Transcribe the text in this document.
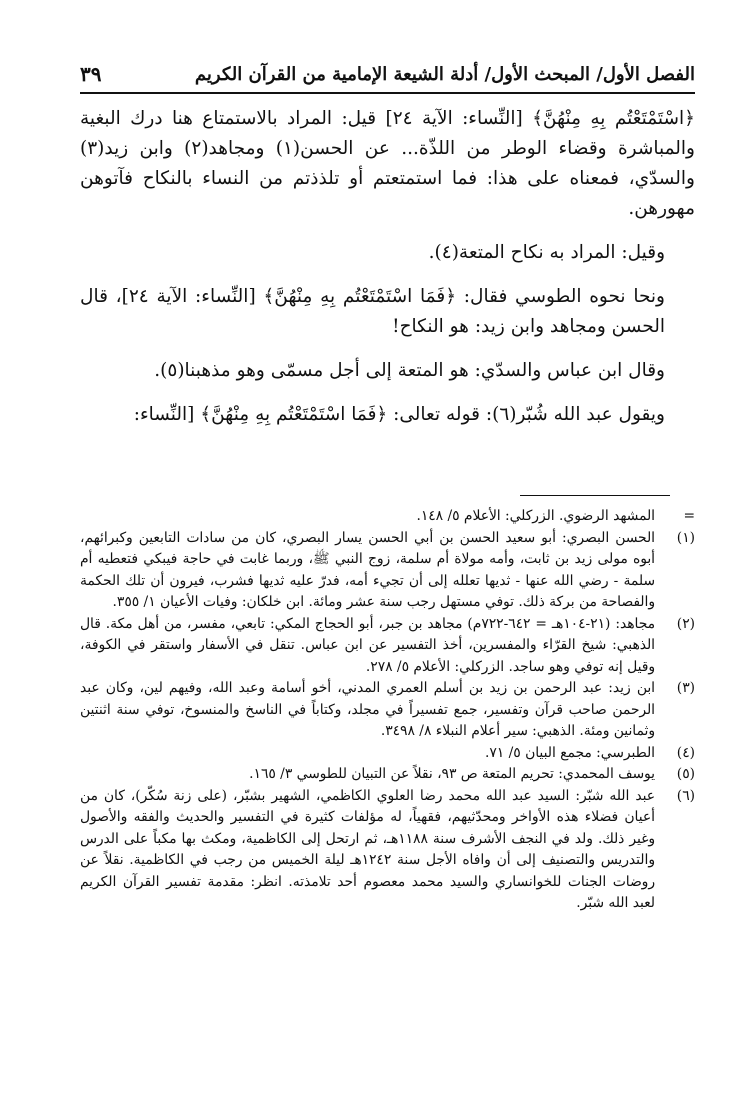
الفصل الأول/ المبحث الأول/ أدلة الشيعة الإمامية من القرآن الكريم
٣٩

﴿اسْتَمْتَعْتُم بِهِ مِنْهُنَّ﴾ [النِّساء: الآية ٢٤] قيل: المراد بالاستمتاع هنا درك البغية والمباشرة وقضاء الوطر من اللذّة... عن الحسن(١) ومجاهد(٢) وابن زيد(٣) والسدّي، فمعناه على هذا: فما استمتعتم أو تلذذتم من النساء بالنكاح فآتوهن مهورهن.

وقيل: المراد به نكاح المتعة(٤).

ونحا نحوه الطوسي فقال: ﴿فَمَا اسْتَمْتَعْتُم بِهِ مِنْهُنَّ﴾ [النِّساء: الآية ٢٤]، قال الحسن ومجاهد وابن زيد: هو النكاح!

وقال ابن عباس والسدّي: هو المتعة إلى أجل مسمّى وهو مذهبنا(٥).

ويقول عبد الله شُبّر(٦): قوله تعالى: ﴿فَمَا اسْتَمْتَعْتُم بِهِ مِنْهُنَّ﴾ [النِّساء:

=
المشهد الرضوي. الزركلي: الأعلام ٥/ ١٤٨.
(١)
الحسن البصري: أبو سعيد الحسن بن أبي الحسن يسار البصري، كان من سادات التابعين وكبرائهم، أبوه مولى زيد بن ثابت، وأمه مولاة أم سلمة، زوج النبي ﷺ، وربما غابت في حاجة فيبكي فتعطيه أم سلمة - رضي الله عنها - ثديها تعلله إلى أن تجيء أمه، فدرّ عليه ثديها فشرب، فيرون أن تلك الحكمة والفصاحة من بركة ذلك. توفي مستهل رجب سنة عشر ومائة. ابن خلكان: وفيات الأعيان ١/ ٣٥٥.
(٢)
مجاهد: (٢١-١٠٤هـ = ٦٤٢-٧٢٢م) مجاهد بن جبر، أبو الحجاج المكي: تابعي، مفسر، من أهل مكة. قال الذهبي: شيخ القرّاء والمفسرين، أخذ التفسير عن ابن عباس. تنقل في الأسفار واستقر في الكوفة، وقيل إنه توفي وهو ساجد. الزركلي: الأعلام ٥/ ٢٧٨.
(٣)
ابن زيد: عبد الرحمن بن زيد بن أسلم العمري المدني، أخو أسامة وعبد الله، وفيهم لين، وكان عبد الرحمن صاحب قرآن وتفسير، جمع تفسيراً في مجلد، وكتاباً في الناسخ والمنسوخ، توفي سنة اثنتين وثمانين ومئة. الذهبي: سير أعلام النبلاء ٨/ ٣٤٩٨.
(٤)
الطبرسي: مجمع البيان ٥/ ٧١.
(٥)
يوسف المحمدي: تحريم المتعة ص ٩٣، نقلاً عن التبيان للطوسي ٣/ ١٦٥.
(٦)
عبد الله شبّر: السيد عبد الله محمد رضا العلوي الكاظمي، الشهير بشبّر، (على زنة سُكّر)، كان من أعيان فضلاء هذه الأواخر ومحدّثيهم، فقهياً، له مؤلفات كثيرة في التفسير والحديث والفقه والأصول وغير ذلك. ولد في النجف الأشرف سنة ١١٨٨هـ، ثم ارتحل إلى الكاظمية، ومكث بها مكباً على الدرس والتدريس والتصنيف إلى أن وافاه الأجل سنة ١٢٤٢هـ ليلة الخميس من رجب في الكاظمية. نقلاً عن روضات الجنات للخوانساري والسيد محمد معصوم أحد تلامذته. انظر: مقدمة تفسير القرآن الكريم لعبد الله شبّر.
